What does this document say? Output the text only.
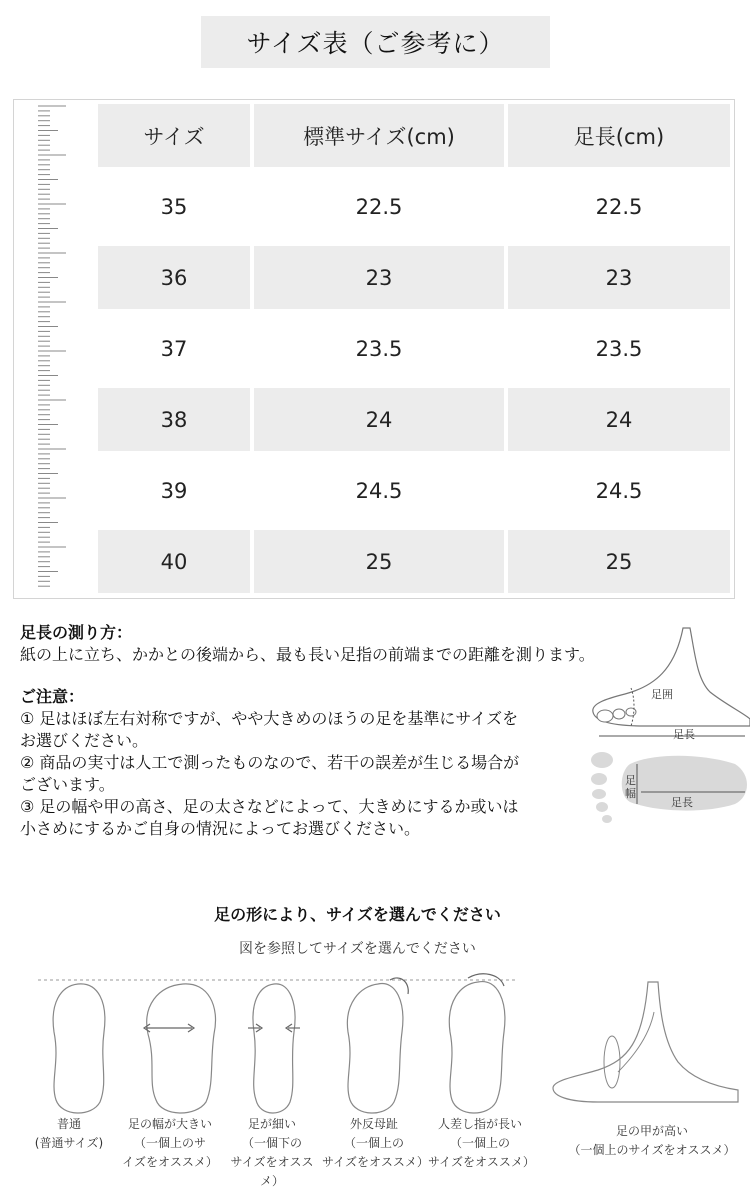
サイズ表（ご参考に）
サイズ	標準サイズ(cm)	足長(cm)
35	22.5	22.5
36	23	23
37	23.5	23.5
38	24	24
39	24.5	24.5
40	25	25
足長の測り方：
紙の上に立ち、かかとの後端から、最も長い足指の前端までの距離を測ります。
ご注意：
① 足はほぼ左右対称ですが、やや大きめのほうの足を基準にサイズを
お選びください。
② 商品の実寸は人工で測ったものなので、若干の誤差が生じる場合が
ございます。
③ 足の幅や甲の高さ、足の太さなどによって、大きめにするか或いは
小さめにするかご自身の情況によってお選びください。
足囲
足長
足幅
足長
足の形により、サイズを選んでください
図を参照してサイズを選んでください
普通
(普通サイズ)
足の幅が大きい
（一個上のサ
イズをオススメ）
足が細い
（一個下の
サイズをオススメ）
外反母趾
（一個上の
サイズをオススメ）
人差し指が長い
（一個上の
サイズをオススメ）
足の甲が高い
（一個上のサイズをオススメ）
